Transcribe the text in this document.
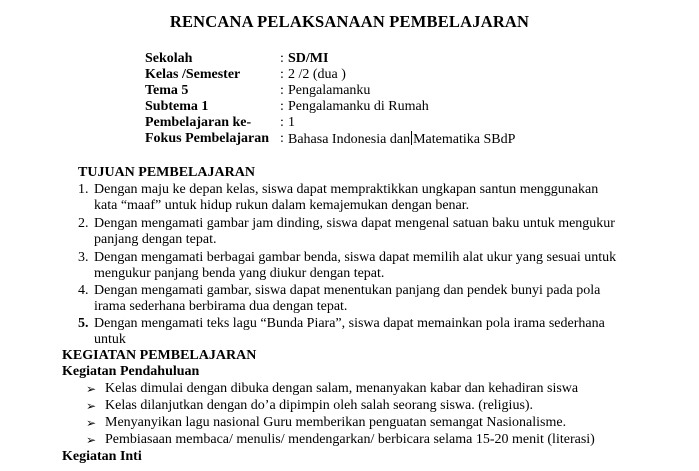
RENCANA PELAKSANAAN PEMBELAJARAN
Sekolah	: SD/MI
Kelas /Semester	: 2 /2 (dua )
Tema 5	: Pengalamanku
Subtema 1	: Pengalamanku di Rumah
Pembelajaran ke- : 1
Fokus Pembelajaran : Bahasa Indonesia dan Matematika SBdP
TUJUAN PEMBELAJARAN
1. Dengan maju ke depan kelas, siswa dapat mempraktikkan ungkapan santun menggunakan
kata “maaf” untuk hidup rukun dalam kemajemukan dengan benar.
2. Dengan mengamati gambar jam dinding, siswa dapat mengenal satuan baku untuk mengukur
panjang dengan tepat.
3. Dengan mengamati berbagai gambar benda, siswa dapat memilih alat ukur yang sesuai untuk
mengukur panjang benda yang diukur dengan tepat.
4. Dengan mengamati gambar, siswa dapat menentukan panjang dan pendek bunyi pada pola
irama sederhana berbirama dua dengan tepat.
5. Dengan mengamati teks lagu “Bunda Piara”, siswa dapat memainkan pola irama sederhana
untuk
KEGIATAN PEMBELAJARAN
Kegiatan Pendahuluan
➢ Kelas dimulai dengan dibuka dengan salam, menanyakan kabar dan kehadiran siswa
➢ Kelas dilanjutkan dengan do’a dipimpin oleh salah seorang siswa. (religius).
➢ Menyanyikan lagu nasional Guru memberikan penguatan semangat Nasionalisme.
➢ Pembiasaan membaca/ menulis/ mendengarkan/ berbicara selama 15-20 menit (literasi)
Kegiatan Inti
